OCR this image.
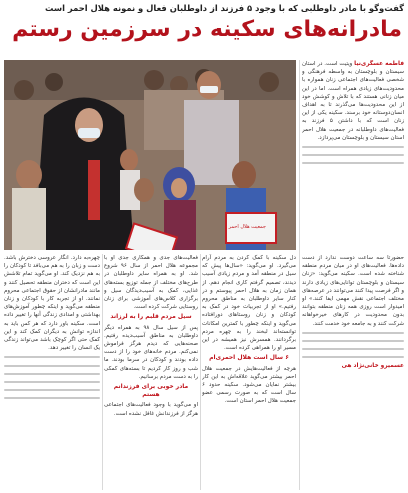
گفت‌وگو با مادر داوطلبی که با وجود ۵ فرزند از داوطلبان فعال و نمونه هلال احمر است
مادرانه‌های سکینه در سرزمین رستم
جمعیت هلال احمر

فاطمه عسگری‌نیا ویتیت است. در استان سیستان و بلوچستان به واسطه فرهنگی و شخصی فعالیت‌های اجتماعی زنان همواره با محدودیت‌های زیادی همراه است. اما در این میان زنانی هستند که با تلاش و کوشش خود از این محدودیت‌ها می‌گذرند تا به اهداف انسان‌دوستانه خود برسند. سکینه یکی از این زنان است که با داشتن ۵ فرزند به فعالیت‌های داوطلبانه در جمعیت هلال احمر استان سیستان و بلوچستان می‌پردازد.

حضورتا سه ساعت دوست ندارد از دست داده‌ها. فعالیت‌های او در میان مردم منطقه شناخته شده است. سکینه می‌گوید: «زنان سیستان و بلوچستان توانایی‌های زیادی دارند و اگر فرصت پیدا کنند می‌توانند در عرصه‌های مختلف اجتماعی نقش مهمی ایفا کنند.» او امیدوار است روزی همه زنان منطقه بتوانند بدون محدودیت در کارهای خیرخواهانه شرکت کنند و به جامعه خود خدمت کنند.

عسمیرو خانی‌نژاد هی

دل سکینه با کمک کردن به مردم آرام می‌گیرد. او می‌گوید: «سال‌ها پیش که سیل در منطقه آمد و مردم زیادی آسیب دیدند، تصمیم گرفتم کاری انجام دهم. از همان زمان به هلال احمر پیوستم و در کنار سایر داوطلبان به مناطق محروم رفتیم.» او از تجربیات خود در کمک به کودکان و زنان روستاهای دورافتاده می‌گوید و اینکه چطور با کمترین امکانات توانسته‌اند لبخند را به چهره مردم برگردانند. همسرش نیز همیشه در این مسیر او را همراهی کرده است.

۶ سال است هلال احمری‌ام

هرچه از فعالیت‌هایش در جمعیت هلال احمر بیشتر می‌گوید علاقه‌اش به این کار بیشتر نمایان می‌شود. سکینه حدود ۶ سال است که به صورت رسمی عضو جمعیت هلال احمر استان است.

فعالیت‌های جدی و همکاری جدی او با مجموعه هلال احمر از سال ۹۶ شروع شد. او به همراه سایر داوطلبان در طرح‌های مختلف از جمله توزیع بسته‌های غذایی، کمک به آسیب‌دیدگان سیل و برگزاری کلاس‌های آموزشی برای زنان روستایی شرکت کرده است.

سیل مردم قلبم را به لرزاند

پس از سیل سال ۹۸ به همراه دیگر داوطلبان به مناطق آسیب‌دیده رفتیم. صحنه‌هایی که دیدم هرگز فراموش نمی‌کنم. مردم خانه‌های خود را از دست داده بودند و کودکان در سرما بودند. ما شب و روز کار کردیم تا بسته‌های کمکی را به دست مردم برسانیم.

مادر خوبی برای فرزندانم هستم

او می‌گوید با وجود فعالیت‌های اجتماعی هرگز از فرزندانش غافل نشده است.

چهره‌به دارد. انگار عروسی دخترش باشد. دست و زبان را به هم می‌بافد تا کودکان را به هم نزدیک کند. او می‌گوید تمام تلاشش این است که دختران منطقه تحصیل کنند و مانند مادرانشان از حقوق اجتماعی محروم نمانند. او از تجربه کار با کودکان و زنان منطقه می‌گوید و اینکه چطور آموزش‌های بهداشتی و امدادی زندگی آنها را تغییر داده است. سکینه باور دارد که هر کس باید به اندازه توانش به دیگران کمک کند و این کمک حتی اگر کوچک باشد می‌تواند زندگی یک انسان را تغییر دهد.
